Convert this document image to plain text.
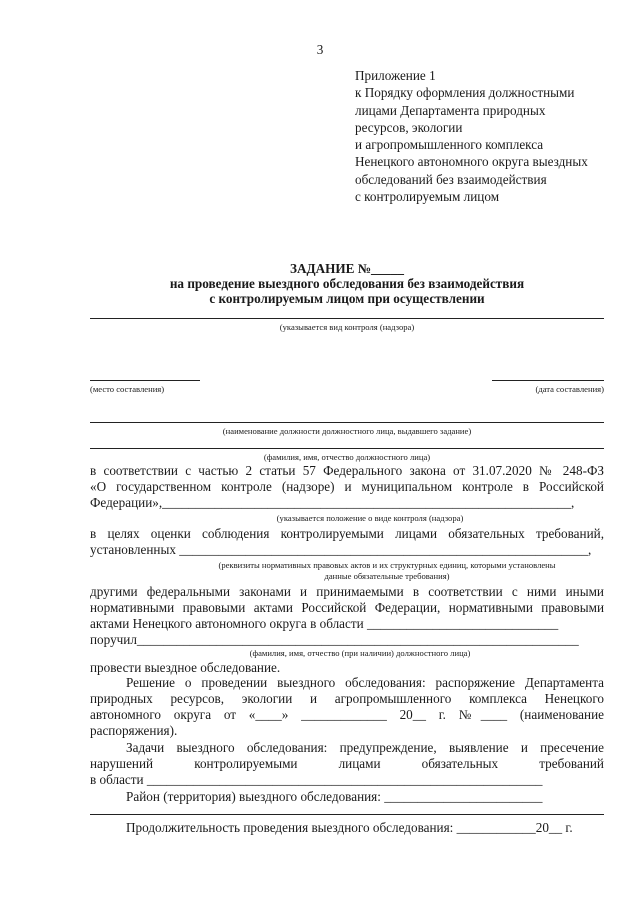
3
Приложение 1
к Порядку оформления должностными
лицами Департамента природных
ресурсов, экологии
и агропромышленного комплекса
Ненецкого автономного округа выездных
обследований без взаимодействия
с контролируемым лицом
ЗАДАНИЕ №_____
на проведение выездного обследования без взаимодействия
с контролируемым лицом при осуществлении
(указывается вид контроля (надзора)
(место составления)	(дата составления)
(наименование должности должностного лица, выдавшего задание)
(фамилия, имя, отчество должностного лица)
в соответствии с частью 2 статьи 57 Федерального закона от 31.07.2020 № 248-ФЗ
«О государственном контроле (надзоре) и муниципальном контроле в Российской
Федерации»,______________________________________________________________,
(указывается положение о виде контроля (надзора)
в целях оценки соблюдения контролируемыми лицами обязательных требований,
установленных ______________________________________________________________,
(реквизиты нормативных правовых актов и их структурных единиц, которыми установлены
данные обязательные требования)
другими федеральными законами и принимаемыми в соответствии с ними иными
нормативными правовыми актами Российской Федерации, нормативными правовыми
актами Ненецкого автономного округа в области _____________________________
поручил___________________________________________________________________
(фамилия, имя, отчество (при наличии) должностного лица)
провести выездное обследование.
Решение о проведении выездного обследования: распоряжение Департамента
природных ресурсов, экологии и агропромышленного комплекса Ненецкого
автономного округа от «____» _____________ 20__ г. №____ (наименование
распоряжения).
Задачи выездного обследования: предупреждение, выявление и пресечение
нарушений контролируемыми лицами обязательных требований
в области ____________________________________________________________
Район (территория) выездного обследования: ________________________
Продолжительность проведения выездного обследования: ____________20__ г.
